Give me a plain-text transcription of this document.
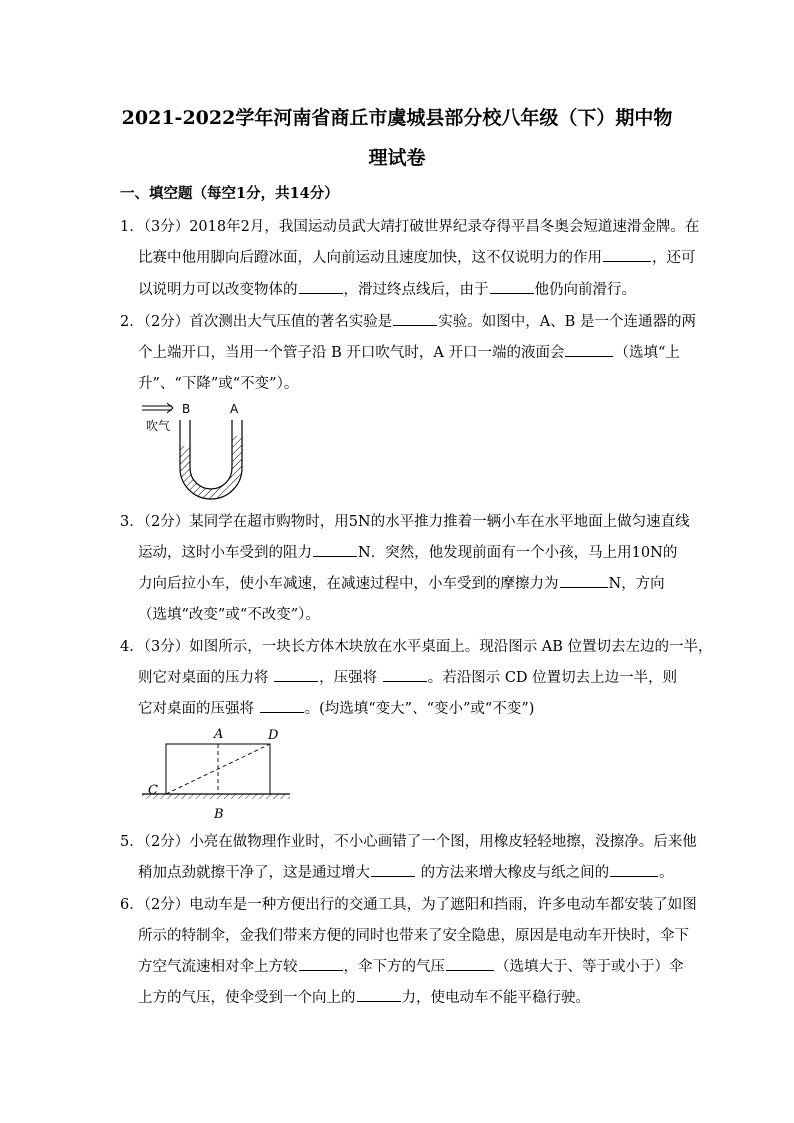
2021-2022学年河南省商丘市虞城县部分校八年级（下）期中物
理试卷
一、填空题（每空1分，共14分）
1．（3分）2018年2月，我国运动员武大靖打破世界纪录夺得平昌冬奥会短道速滑金牌。在
比赛中他用脚向后蹬冰面，人向前运动且速度加快，这不仅说明力的作用	，还可
以说明力可以改变物体的	，滑过终点线后，由于	他仍向前滑行。
2．（2分）首次测出大气压值的著名实验是	实验。如图中，A、B 是一个连通器的两
个上端开口，当用一个管子沿 B 开口吹气时，A 开口一端的液面会	（选填“上
升”、“下降”或“不变”）。
B	A
吹气
3．（2分）某同学在超市购物时，用5N的水平推力推着一辆小车在水平地面上做匀速直线
运动，这时小车受到的阻力	N．突然，他发现前面有一个小孩，马上用10N的
力向后拉小车，使小车减速，在减速过程中，小车受到的摩擦力为	N，方向
（选填“改变”或“不改变”）。
4．（3分）如图所示，一块长方体木块放在水平桌面上。现沿图示 AB 位置切去左边的一半，
则它对桌面的压力将	，压强将	。若沿图示 CD 位置切去上边一半，则
它对桌面的压强将	。(均选填“变大”、“变小”或“不变”)
A	D
C
B
5．（2分）小亮在做物理作业时，不小心画错了一个图，用橡皮轻轻地擦，没擦净。后来他
稍加点劲就擦干净了，这是通过增大	的方法来增大橡皮与纸之间的	。
6．（2分）电动车是一种方便出行的交通工具，为了遮阳和挡雨，许多电动车都安装了如图
所示的特制伞，金我们带来方便的同时也带来了安全隐患，原因是电动车开快时，伞下
方空气流速相对伞上方较	，伞下方的气压	（选填大于、等于或小于）伞
上方的气压，使伞受到一个向上的	力，使电动车不能平稳行驶。
